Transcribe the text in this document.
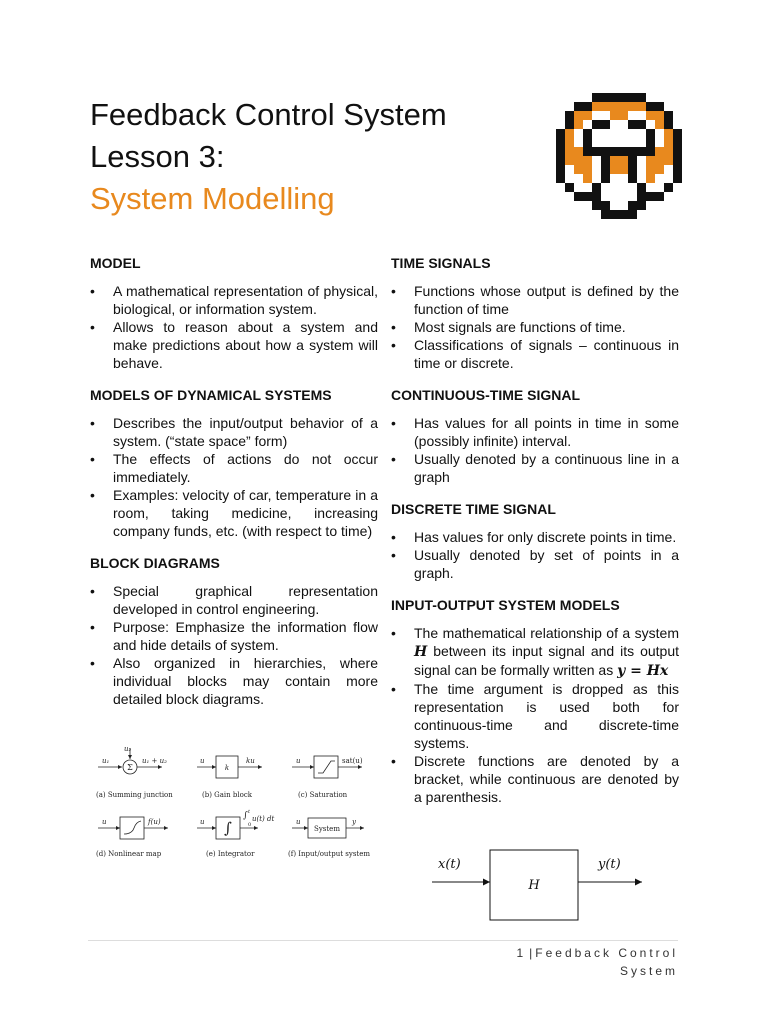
Feedback Control System
Lesson 3:
System Modelling
MODEL
• A mathematical representation of physical, biological, or information system.
• Allows to reason about a system and make predictions about how a system will behave.
MODELS OF DYNAMICAL SYSTEMS
• Describes the input/output behavior of a system. (“state space” form)
• The effects of actions do not occur immediately.
• Examples: velocity of car, temperature in a room, taking medicine, increasing company funds, etc. (with respect to time)
BLOCK DIAGRAMS
• Special graphical representation developed in control engineering.
• Purpose: Emphasize the information flow and hide details of system.
• Also organized in hierarchies, where individual blocks may contain more detailed block diagrams.
TIME SIGNALS
• Functions whose output is defined by the function of time
• Most signals are functions of time.
• Classifications of signals – continuous in time or discrete.
CONTINUOUS-TIME SIGNAL
• Has values for all points in time in some (possibly infinite) interval.
• Usually denoted by a continuous line in a graph
DISCRETE TIME SIGNAL
• Has values for only discrete points in time.
• Usually denoted by set of points in a graph.
INPUT-OUTPUT SYSTEM MODELS
• The mathematical relationship of a system H between its input signal and its output signal can be formally written as y = Hx
• The time argument is dropped as this representation is used both for continuous-time and discrete-time systems.
• Discrete functions are denoted by a bracket, while continuous are denoted by a parenthesis.
u₂
u₁
Σ
u₁ + u₂	u
k
ku	u	sat(u)
u	f(u)	u ∫
∫ t
0
u(t) dt	u
System
y
(a) Summing junction	(b) Gain block	(c) Saturation
(d) Nonlinear map	(e) Integrator	(f) Input/output system
x(t)
H
y(t)
1 | Feedback Control System
